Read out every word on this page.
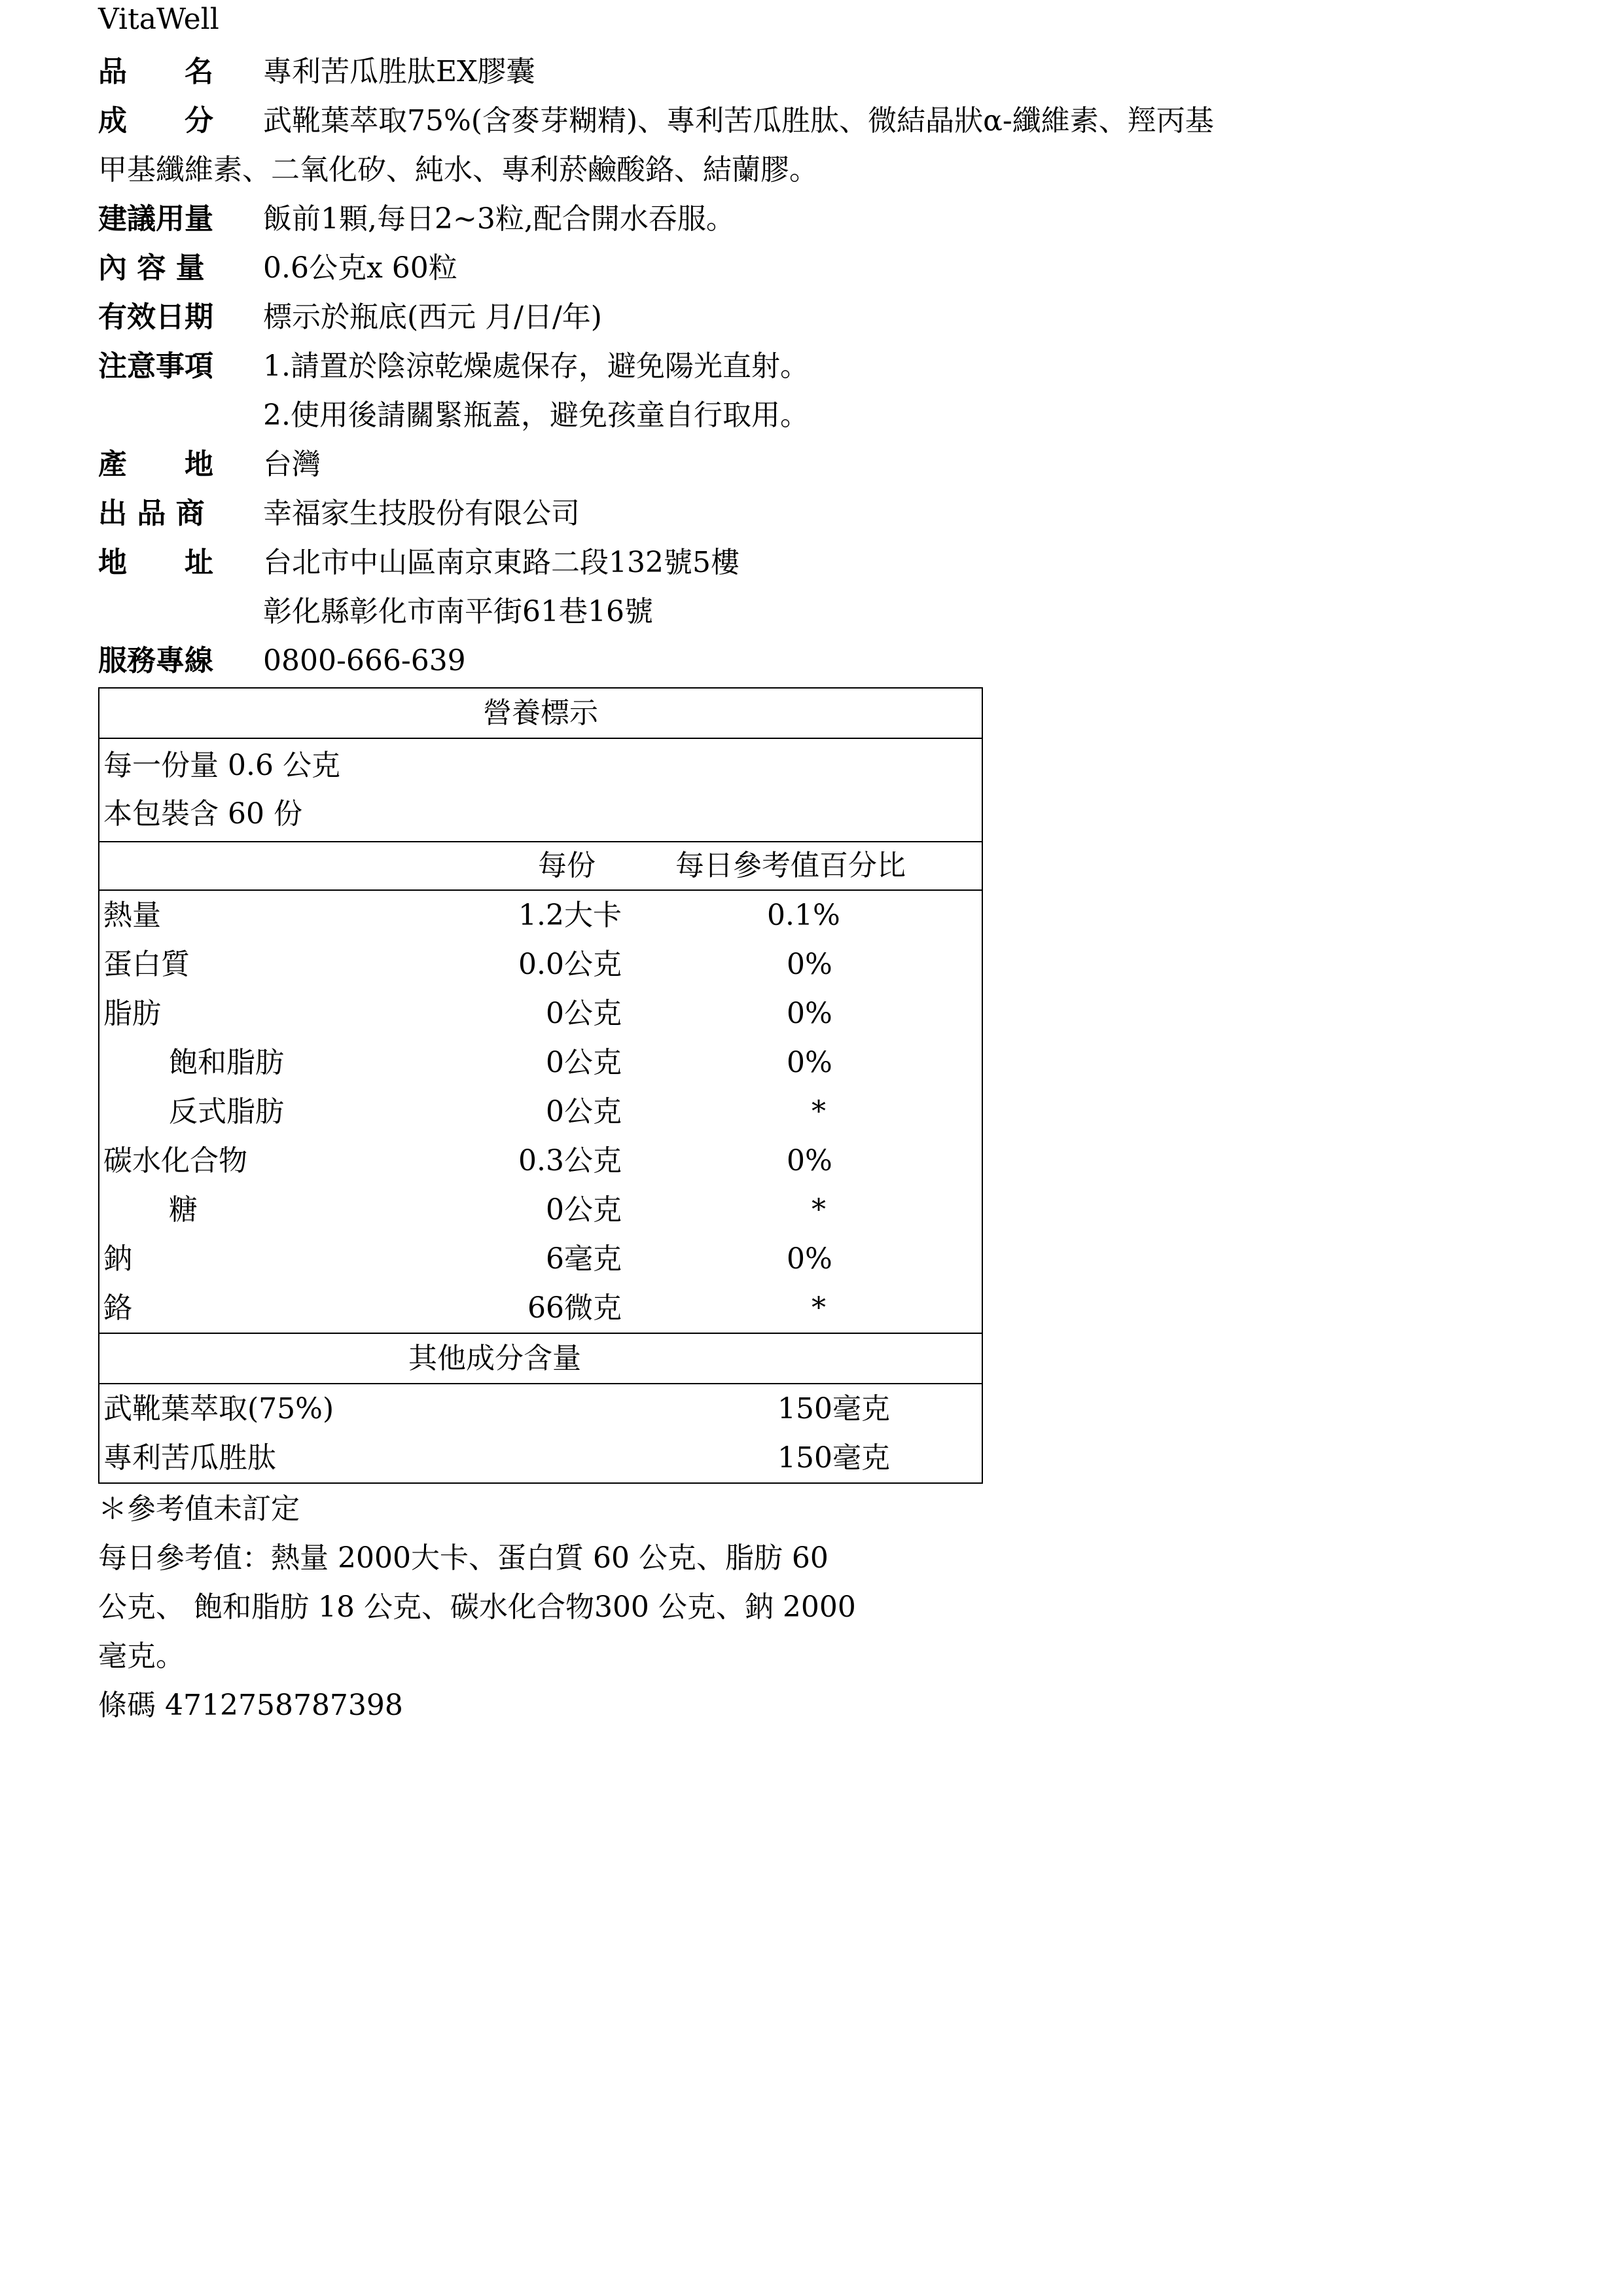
VitaWell
品　　名 專利苦瓜胜肽EX膠囊
成　　分 武靴葉萃取75%(含麥芽糊精)、專利苦瓜胜肽、微結晶狀α-纖維素、羥丙基
甲基纖維素、二氧化矽、純水、專利菸鹼酸鉻、結蘭膠。
建議用量 飯前1顆,每日2~3粒,配合開水吞服。
內 容 量 0.6公克x 60粒
有效日期 標示於瓶底(西元 月/日/年)
注意事項 1.請置於陰涼乾燥處保存，避免陽光直射。
2.使用後請關緊瓶蓋，避免孩童自行取用。
產　　地 台灣
出 品 商 幸福家生技股份有限公司
地　　址 台北市中山區南京東路二段132號5樓
彰化縣彰化市南平街61巷16號
服務專線 0800-666-639
營養標示
每一份量 0.6 公克
本包裝含 60 份
每份	每日參考值百分比
熱量	1.2大卡	0.1%
蛋白質	0.0公克	0%
脂肪	0公克	0%
飽和脂肪	0公克	0%
反式脂肪	0公克	*
碳水化合物	0.3公克	0%
糖	0公克	*
鈉	6毫克	0%
鉻	66微克	*
其他成分含量
武靴葉萃取(75%)	150毫克
專利苦瓜胜肽	150毫克
＊參考值未訂定
每日參考值：熱量 2000大卡、蛋白質 60 公克、脂肪 60
公克、 飽和脂肪 18 公克、碳水化合物300 公克、鈉 2000
毫克。
條碼 4712758787398
